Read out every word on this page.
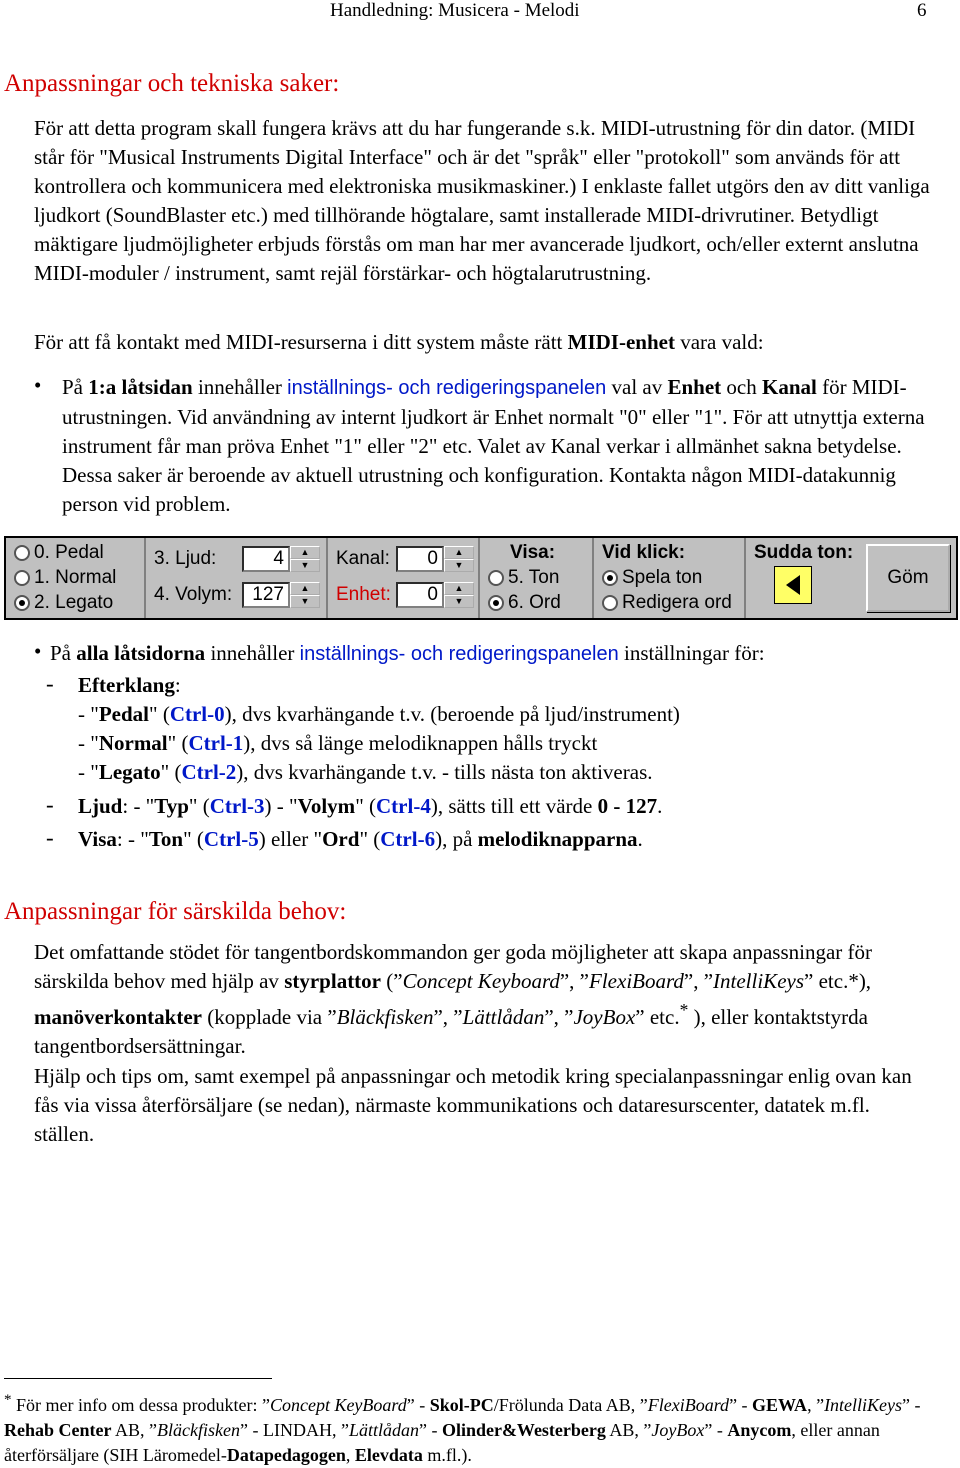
Handledning: Musicera - Melodi	6
Anpassningar och tekniska saker:

För att detta program skall fungera krävs att du har fungerande s.k. MIDI-utrustning för din dator. (MIDI står för "Musical Instruments Digital Interface" och är det "språk" eller "protokoll" som används för att kontrollera och kommunicera med elektroniska musikmaskiner.) I enklaste fallet utgörs den av ditt vanliga ljudkort (SoundBlaster etc.) med tillhörande högtalare, samt installerade MIDI-drivrutiner. Betydligt mäktigare ljudmöjligheter erbjuds förstås om man har mer avancerade ljudkort, och/eller externt anslutna MIDI-moduler / instrument, samt rejäl förstärkar- och högtalarutrustning.

För att få kontakt med MIDI-resurserna i ditt system måste rätt MIDI-enhet vara vald:

• På 1:a låtsidan innehåller inställnings- och redigeringspanelen val av Enhet och Kanal för MIDI-utrustningen. Vid användning av internt ljudkort är Enhet normalt "0" eller "1". För att utnyttja externa instrument får man pröva Enhet "1" eller "2" etc. Valet av Kanal verkar i allmänhet sakna betydelse. Dessa saker är beroende av aktuell utrustning och konfiguration. Kontakta någon MIDI-datakunnig person vid problem.

0. Pedal
1. Normal
2. Legato
3. Ljud:	4	▲
▼
4. Volym:	127	▲
▼
Kanal:	0	▲
▼
Enhet:	0	▲
▼
Visa:
5. Ton
6. Ord
Vid klick:
Spela ton
Redigera ord
Sudda ton:
Göm
• På alla låtsidorna innehåller inställnings- och redigeringspanelen inställningar för:

- Efterklang:
- "Pedal" (Ctrl-0), dvs kvarhängande t.v. (beroende på ljud/instrument)
- "Normal" (Ctrl-1), dvs så länge melodiknappen hålls tryckt
- "Legato" (Ctrl-2), dvs kvarhängande t.v. - tills nästa ton aktiveras.
- Ljud: - "Typ" (Ctrl-3) - "Volym" (Ctrl-4), sätts till ett värde 0 - 127.
- Visa: - "Ton" (Ctrl-5) eller "Ord" (Ctrl-6), på melodiknapparna.
Anpassningar för särskilda behov:

Det omfattande stödet för tangentbordskommandon ger goda möjligheter att skapa anpassningar för särskilda behov med hjälp av styrplattor (”Concept Keyboard”, ”FlexiBoard”, ”IntelliKeys” etc.*), manöverkontakter (kopplade via ”Bläckfisken”, ”Lättlådan”, ”JoyBox” etc.* ), eller kontaktstyrda tangentbordsersättningar.

Hjälp och tips om, samt exempel på anpassningar och metodik kring specialanpassningar enlig ovan kan fås via vissa återförsäljare (se nedan), närmaste kommunikations och dataresurscenter, datatek m.fl. ställen.

* För mer info om dessa produkter: ”Concept KeyBoard” - Skol-PC/Frölunda Data AB, ”FlexiBoard” - GEWA, ”IntelliKeys” - Rehab Center AB, ”Bläckfisken” - LINDAH, ”Lättlådan” - Olinder&Westerberg AB, ”JoyBox” - Anycom, eller annan återförsäljare (SIH Läromedel-Datapedagogen, Elevdata m.fl.).
